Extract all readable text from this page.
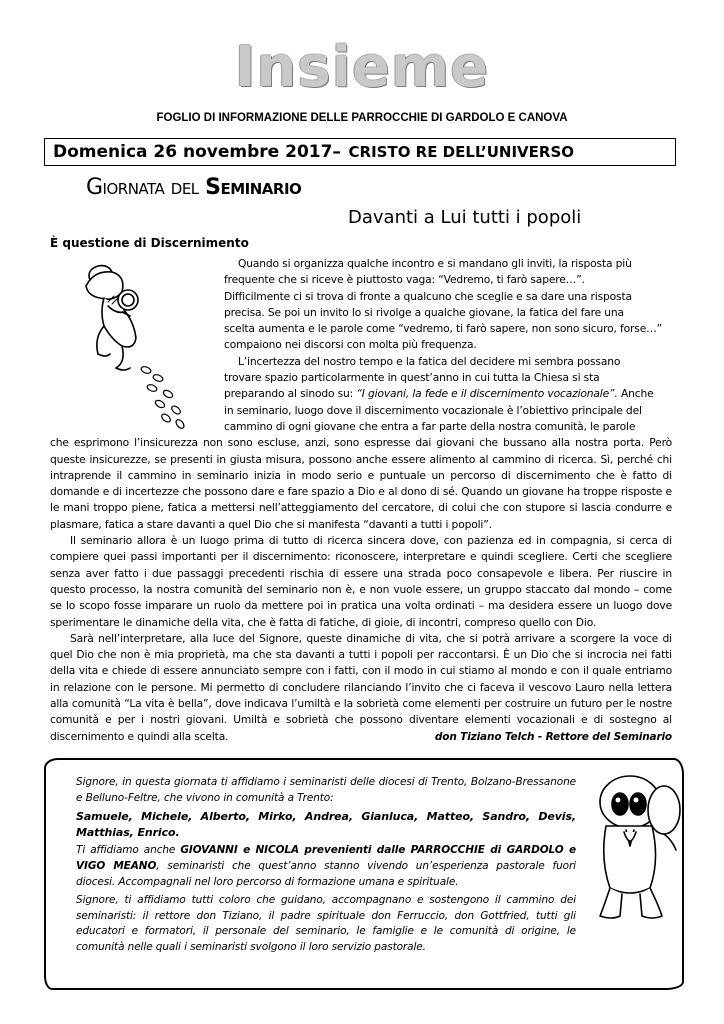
Insieme
FOGLIO DI INFORMAZIONE DELLE PARROCCHIE DI GARDOLO E CANOVA
Domenica 26 novembre 2017– CRISTO RE DELL’UNIVERSO
Giornata del Seminario
Davanti a Lui tutti i popoli
È questione di Discernimento

Quando si organizza qualche incontro e si mandano gli inviti, la risposta più
frequente che si riceve è piuttosto vaga: “Vedremo, ti farò sapere…”.
Difficilmente ci si trova di fronte a qualcuno che sceglie e sa dare una risposta
precisa. Se poi un invito lo si rivolge a qualche giovane, la fatica del fare una
scelta aumenta e le parole come “vedremo, ti farò sapere, non sono sicuro, forse…”
compaiono nei discorsi con molta più frequenza.

L’incertezza del nostro tempo e la fatica del decidere mi sembra possano
trovare spazio particolarmente in quest’anno in cui tutta la Chiesa si sta
preparando al sinodo su: “I giovani, la fede e il discernimento vocazionale”. Anche
in seminario, luogo dove il discernimento vocazionale è l’obiettivo principale del
cammino di ogni giovane che entra a far parte della nostra comunità, le parole

che esprimono l’insicurezza non sono escluse, anzi, sono espresse dai giovani che bussano alla nostra porta. Però queste insicurezze, se presenti in giusta misura, possono anche essere alimento al cammino di ricerca. Sì, perché chi intraprende il cammino in seminario inizia in modo serio e puntuale un percorso di discernimento che è fatto di domande e di incertezze che possono dare e fare spazio a Dio e al dono di sé. Quando un giovane ha troppe risposte e le mani troppo piene, fatica a mettersi nell’atteggiamento del cercatore, di colui che con stupore si lascia condurre e plasmare, fatica a stare davanti a quel Dio che si manifesta “davanti a tutti i popoli”.

Il seminario allora è un luogo prima di tutto di ricerca sincera dove, con pazienza ed in compagnia, si cerca di compiere quei passi importanti per il discernimento: riconoscere, interpretare e quindi scegliere. Certi che scegliere senza aver fatto i due passaggi precedenti rischia di essere una strada poco consapevole e libera. Per riuscire in questo processo, la nostra comunità del seminario non è, e non vuole essere, un gruppo staccato dal mondo – come se lo scopo fosse imparare un ruolo da mettere poi in pratica una volta ordinati – ma desidera essere un luogo dove sperimentare le dinamiche della vita, che è fatta di fatiche, di gioie, di incontri, compreso quello con Dio.

Sarà nell’interpretare, alla luce del Signore, queste dinamiche di vita, che si potrà arrivare a scorgere la voce di quel Dio che non è mia proprietà, ma che sta davanti a tutti i popoli per raccontarsi. È un Dio che si incrocia nei fatti della vita e chiede di essere annunciato sempre con i fatti, con il modo in cui stiamo al mondo e con il quale entriamo in relazione con le persone. Mi permetto di concludere rilanciando l’invito che ci faceva il vescovo Lauro nella lettera alla comunità “La vita è bella”, dove indicava l’umiltà e la sobrietà come elementi per costruire un futuro per le nostre comunità e per i nostri giovani. Umiltà e sobrietà che possono diventare elementi vocazionali e di sostegno al discernimento e quindi alla scelta.	don Tiziano Telch - Rettore del Seminario

Signore, in questa giornata ti affidiamo i seminaristi delle diocesi di Trento, Bolzano-Bressanone e Belluno-Feltre, che vivono in comunità a Trento:

Samuele, Michele, Alberto, Mirko, Andrea, Gianluca, Matteo, Sandro, Devis, Matthias, Enrico.

Ti affidiamo anche GIOVANNI e NICOLA prevenienti dalle PARROCCHIE di GARDOLO e VIGO MEANO, seminaristi che quest’anno stanno vivendo un’esperienza pastorale fuori diocesi. Accompagnali nel loro percorso di formazione umana e spirituale.

Signore, ti affidiamo tutti coloro che guidano, accompagnano e sostengono il cammino dei seminaristi: il rettore don Tiziano, il padre spirituale don Ferruccio, don Gottfried, tutti gli educatori e formatori, il personale del seminario, le famiglie e le comunità di origine, le comunità nelle quali i seminaristi svolgono il loro servizio pastorale.
